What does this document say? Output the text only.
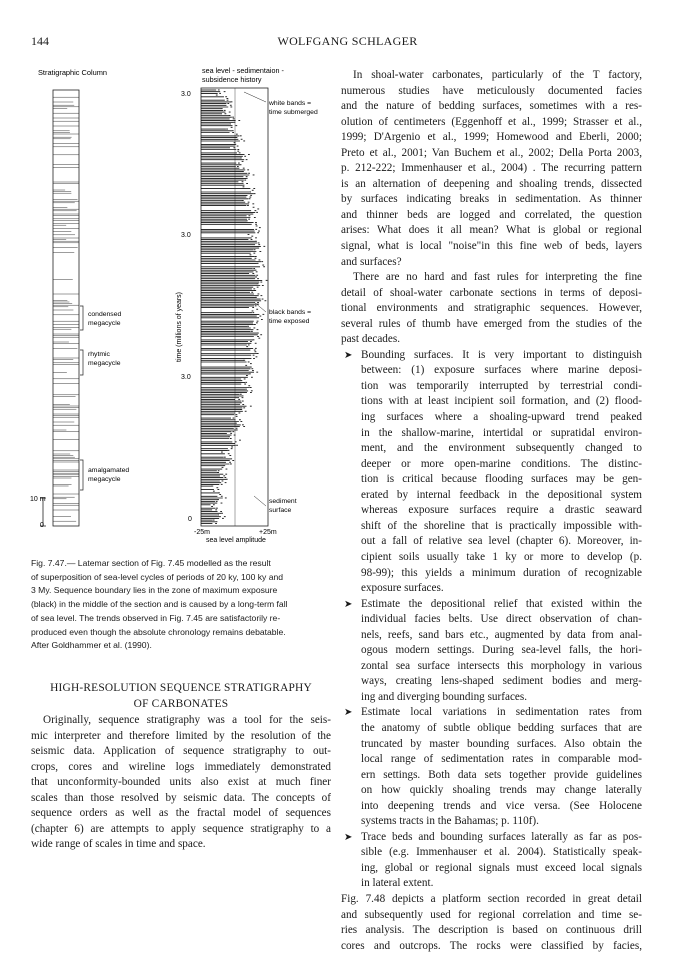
144	WOLFGANG SCHLAGER
Stratigraphic Column
condensed
megacycle
rhytmic
megacycle
amalgamated
megacycle
10 m
0
sea level - sedimentaion -
subsidence history
3.0
3.0
3.0
0
time (millions of years)
white bands =
time submerged
black bands =
time exposed
sediment
surface
-25m	+25m
sea level amplitude
Fig. 7.47.— Latemar section of Fig. 7.45 modelled as the result
of superposition of sea-level cycles of periods of 20 ky, 100 ky and
3 My. Sequence boundary lies in the zone of maximum exposure
(black) in the middle of the section and is caused by a long-term fall
of sea level. The trends observed in Fig. 7.45 are satisfactorily re-
produced even though the absolute chronology remains debatable.
After Goldhammer et al. (1990).
HIGH-RESOLUTION SEQUENCE STRATIGRAPHY
OF CARBONATES
Originally, sequence stratigraphy was a tool for the seis-
mic interpreter and therefore limited by the resolution of the
seismic data. Application of sequence stratigraphy to out-
crops, cores and wireline logs immediately demonstrated
that unconformity-bounded units also exist at much finer
scales than those resolved by seismic data. The concepts of
sequence orders as well as the fractal model of sequences
(chapter 6) are attempts to apply sequence stratigraphy to a
wide range of scales in time and space.
In shoal-water carbonates, particularly of the T factory,
numerous studies have meticulously documented facies
and the nature of bedding surfaces, sometimes with a res-
olution of centimeters (Eggenhoff et al., 1999; Strasser et al.,
1999; D'Argenio et al., 1999; Homewood and Eberli, 2000;
Preto et al., 2001; Van Buchem et al., 2002; Della Porta 2003,
p. 212-222; Immenhauser et al., 2004) . The recurring pattern
is an alternation of deepening and shoaling trends, dissected
by surfaces indicating breaks in sedimentation. As thinner
and thinner beds are logged and correlated, the question
arises: What does it all mean? What is global or regional
signal, what is local "noise"in this fine web of beds, layers
and surfaces?
There are no hard and fast rules for interpreting the fine
detail of shoal-water carbonate sections in terms of deposi-
tional environments and stratigraphic sequences. However,
several rules of thumb have emerged from the studies of the
past decades.
➤ Bounding surfaces. It is very important to distinguish
between: (1) exposure surfaces where marine deposi-
tion was temporarily interrupted by terrestrial condi-
tions with at least incipient soil formation, and (2) flood-
ing surfaces where a shoaling-upward trend peaked
in the shallow-marine, intertidal or supratidal environ-
ment, and the environment subsequently changed to
deeper or more open-marine conditions. The distinc-
tion is critical because flooding surfaces may be gen-
erated by internal feedback in the depositional system
whereas exposure surfaces require a drastic seaward
shift of the shoreline that is practically impossible with-
out a fall of relative sea level (chapter 6). Moreover, in-
cipient soils usually take 1 ky or more to develop (p.
98-99); this yields a minimum duration of recognizable
exposure surfaces.
➤ Estimate the depositional relief that existed within the
individual facies belts. Use direct observation of chan-
nels, reefs, sand bars etc., augmented by data from anal-
ogous modern settings. During sea-level falls, the hori-
zontal sea surface intersects this morphology in various
ways, creating lens-shaped sediment bodies and merg-
ing and diverging bounding surfaces.
➤ Estimate local variations in sedimentation rates from
the anatomy of subtle oblique bedding surfaces that are
truncated by master bounding surfaces. Also obtain the
local range of sedimentation rates in comparable mod-
ern settings. Both data sets together provide guidelines
on how quickly shoaling trends may change laterally
into deepening trends and vice versa. (See Holocene
systems tracts in the Bahamas; p. 110f).
➤ Trace beds and bounding surfaces laterally as far as pos-
sible (e.g. Immenhauser et al. 2004). Statistically speak-
ing, global or regional signals must exceed local signals
in lateral extent.
Fig. 7.48 depicts a platform section recorded in great detail
and subsequently used for regional correlation and time se-
ries analysis. The description is based on continuous drill
cores and outcrops. The rocks were classified by facies,
